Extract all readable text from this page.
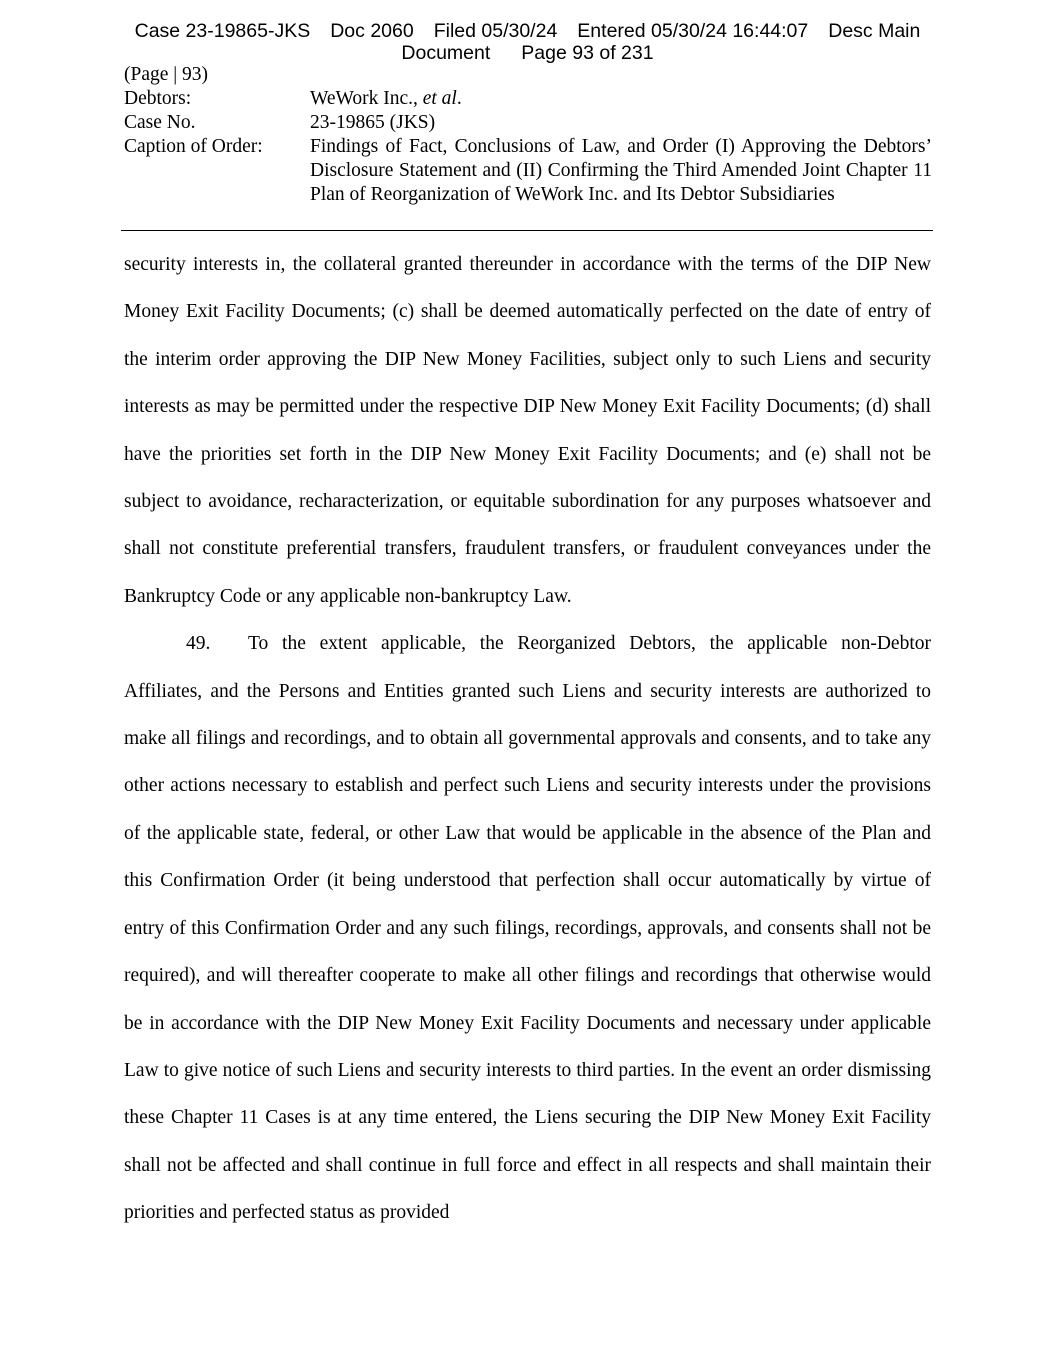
Case 23-19865-JKS Doc 2060 Filed 05/30/24 Entered 05/30/24 16:44:07 Desc Main
Document Page 93 of 231
(Page | 93)
Debtors:	WeWork Inc., et al.
Case No.	23-19865 (JKS)
Caption of Order:	Findings of Fact, Conclusions of Law, and Order (I) Approving the Debtors’ Disclosure Statement and (II) Confirming the Third Amended Joint Chapter 11 Plan of Reorganization of WeWork Inc. and Its Debtor Subsidiaries

security interests in, the collateral granted thereunder in accordance with the terms of the DIP New Money Exit Facility Documents; (c) shall be deemed automatically perfected on the date of entry of the interim order approving the DIP New Money Facilities, subject only to such Liens and security interests as may be permitted under the respective DIP New Money Exit Facility Documents; (d) shall have the priorities set forth in the DIP New Money Exit Facility Documents; and (e) shall not be subject to avoidance, recharacterization, or equitable subordination for any purposes whatsoever and shall not constitute preferential transfers, fraudulent transfers, or fraudulent conveyances under the Bankruptcy Code or any applicable non-bankruptcy Law.

49. To the extent applicable, the Reorganized Debtors, the applicable non-Debtor Affiliates, and the Persons and Entities granted such Liens and security interests are authorized to make all filings and recordings, and to obtain all governmental approvals and consents, and to take any other actions necessary to establish and perfect such Liens and security interests under the provisions of the applicable state, federal, or other Law that would be applicable in the absence of the Plan and this Confirmation Order (it being understood that perfection shall occur automatically by virtue of entry of this Confirmation Order and any such filings, recordings, approvals, and consents shall not be required), and will thereafter cooperate to make all other filings and recordings that otherwise would be in accordance with the DIP New Money Exit Facility Documents and necessary under applicable Law to give notice of such Liens and security interests to third parties. In the event an order dismissing these Chapter 11 Cases is at any time entered, the Liens securing the DIP New Money Exit Facility shall not be affected and shall continue in full force and effect in all respects and shall maintain their priorities and perfected status as provided
